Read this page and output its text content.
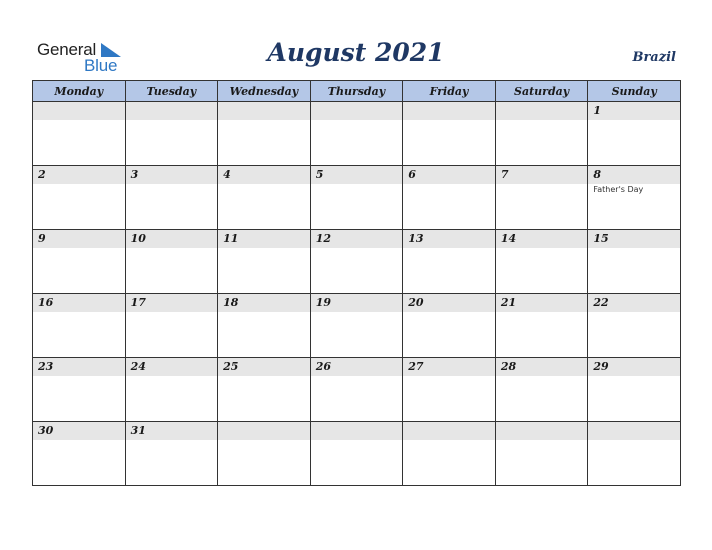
General
Blue	August 2021	Brazil
Monday	Tuesday	Wednesday	Thursday	Friday	Saturday	Sunday

						1

2	3	4	5	6	7	8
Father's Day

9	10	11	12	13	14	15

16	17	18	19	20	21	22

23	24	25	26	27	28	29

30	31					
